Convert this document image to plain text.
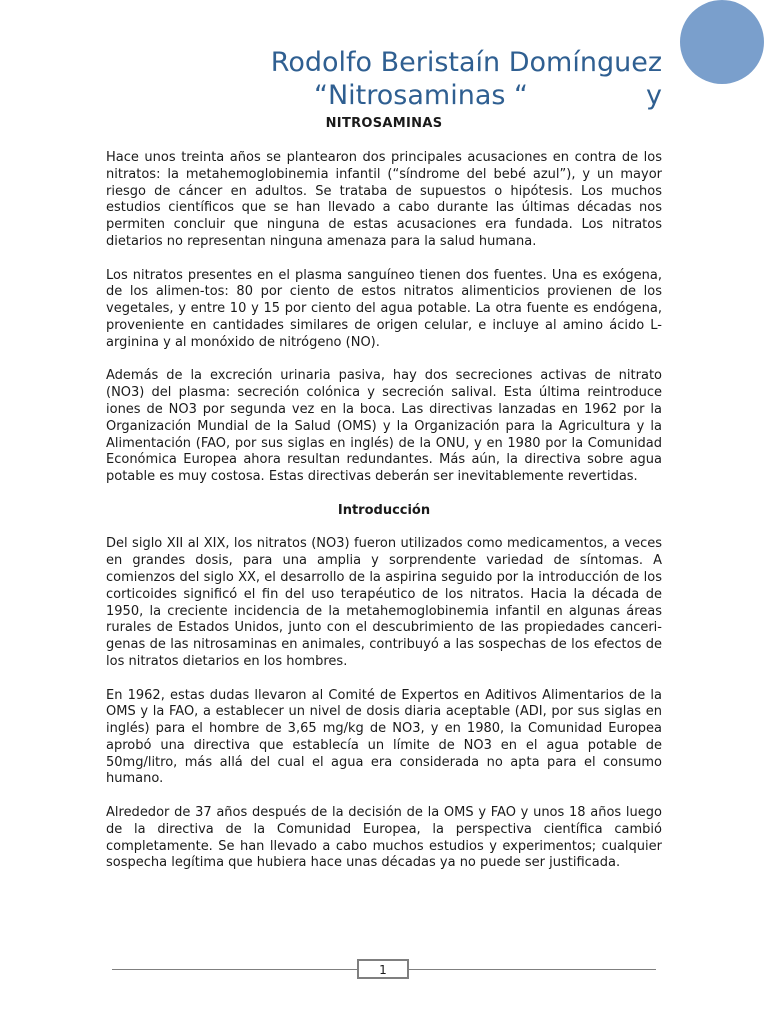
Rodolfo Beristaín Domínguez
“Nitrosaminas “	y
NITROSAMINAS

Hace unos treinta años se plantearon dos principales acusaciones en contra de los nitratos: la metahemoglobinemia infantil (“síndrome del bebé azul”), y un mayor riesgo de cáncer en adultos. Se trataba de supuestos o hipótesis. Los muchos estudios científicos que se han llevado a cabo durante las últimas décadas nos permiten concluir que ninguna de estas acusaciones era fundada. Los nitratos dietarios no representan ninguna amenaza para la salud humana.

Los nitratos presentes en el plasma sanguíneo tienen dos fuentes. Una es exógena, de los alimen-tos: 80 por ciento de estos nitratos alimenticios provienen de los vegetales, y entre 10 y 15 por ciento del agua potable. La otra fuente es endógena, proveniente en cantidades similares de origen celular, e incluye al amino ácido L-arginina y al monóxido de nitrógeno (NO).

Además de la excreción urinaria pasiva, hay dos secreciones activas de nitrato (NO3) del plasma: secreción colónica y secreción salival. Esta última reintroduce iones de NO3 por segunda vez en la boca. Las directivas lanzadas en 1962 por la Organización Mundial de la Salud (OMS) y la Organización para la Agricultura y la Alimentación (FAO, por sus siglas en inglés) de la ONU, y en 1980 por la Comunidad Económica Europea ahora resultan redundantes. Más aún, la directiva sobre agua potable es muy costosa. Estas directivas deberán ser inevitablemente revertidas.

Introducción

Del siglo XII al XIX, los nitratos (NO3) fueron utilizados como medicamentos, a veces en grandes dosis, para una amplia y sorprendente variedad de síntomas. A comienzos del siglo XX, el desarrollo de la aspirina seguido por la introducción de los corticoides significó el fin del uso terapéutico de los nitratos. Hacia la década de 1950, la creciente incidencia de la metahemoglobinemia infantil en algunas áreas rurales de Estados Unidos, junto con el descubrimiento de las propiedades canceri-genas de las nitrosaminas en animales, contribuyó a las sospechas de los efectos de los nitratos dietarios en los hombres.

En 1962, estas dudas llevaron al Comité de Expertos en Aditivos Alimentarios de la OMS y la FAO, a establecer un nivel de dosis diaria aceptable (ADI, por sus siglas en inglés) para el hombre de 3,65 mg/kg de NO3, y en 1980, la Comunidad Europea aprobó una directiva que establecía un límite de NO3 en el agua potable de 50mg/litro, más allá del cual el agua era considerada no apta para el consumo humano.

Alrededor de 37 años después de la decisión de la OMS y FAO y unos 18 años luego de la directiva de la Comunidad Europea, la perspectiva científica cambió completamente. Se han llevado a cabo muchos estudios y experimentos; cualquier sospecha legítima que hubiera hace unas décadas ya no puede ser justificada.

1
